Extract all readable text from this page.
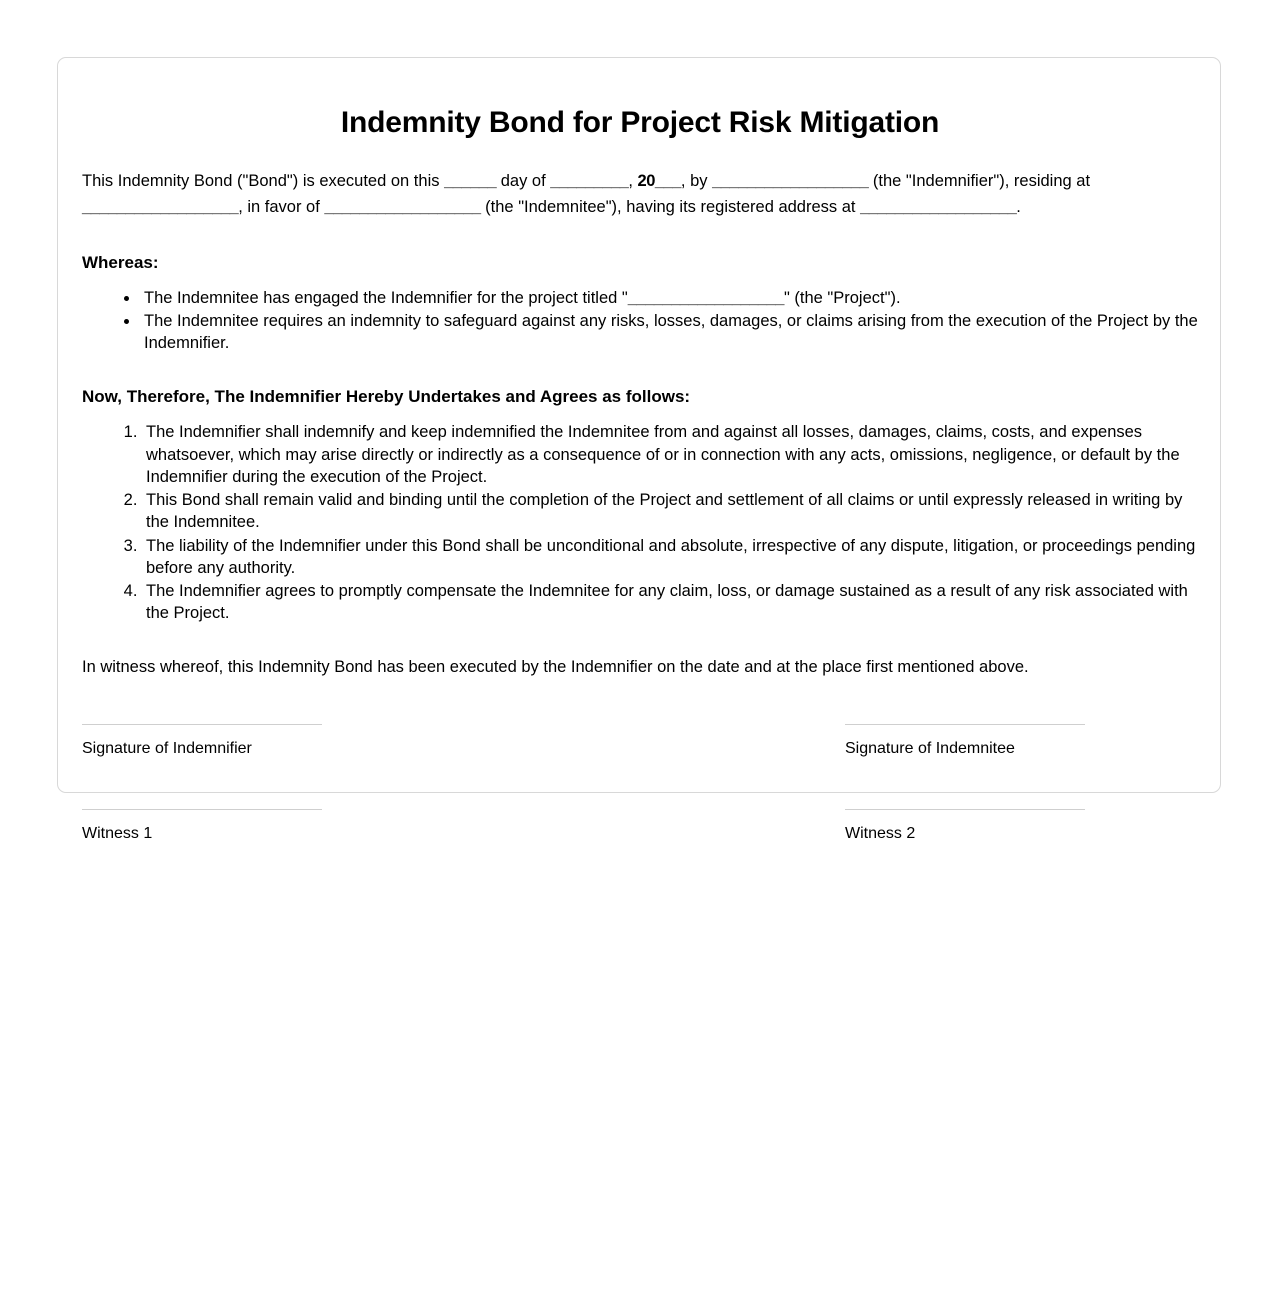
Indemnity Bond for Project Risk Mitigation

This Indemnity Bond ("Bond") is executed on this ______ day of _________, 20___, by __________________ (the "Indemnifier"), residing at __________________, in favor of __________________ (the "Indemnitee"), having its registered address at __________________.

Whereas:
• The Indemnitee has engaged the Indemnifier for the project titled "__________________" (the "Project").
• The Indemnitee requires an indemnity to safeguard against any risks, losses, damages, or claims arising from the execution of the Project by the Indemnifier.
Now, Therefore, The Indemnifier Hereby Undertakes and Agrees as follows:
1. The Indemnifier shall indemnify and keep indemnified the Indemnitee from and against all losses, damages, claims, costs, and expenses whatsoever, which may arise directly or indirectly as a consequence of or in connection with any acts, omissions, negligence, or default by the Indemnifier during the execution of the Project.
2. This Bond shall remain valid and binding until the completion of the Project and settlement of all claims or until expressly released in writing by the Indemnitee.
3. The liability of the Indemnifier under this Bond shall be unconditional and absolute, irrespective of any dispute, litigation, or proceedings pending before any authority.
4. The Indemnifier agrees to promptly compensate the Indemnitee for any claim, loss, or damage sustained as a result of any risk associated with the Project.

In witness whereof, this Indemnity Bond has been executed by the Indemnifier on the date and at the place first mentioned above.

Signature of Indemnifier
Witness 1
Signature of Indemnitee
Witness 2
